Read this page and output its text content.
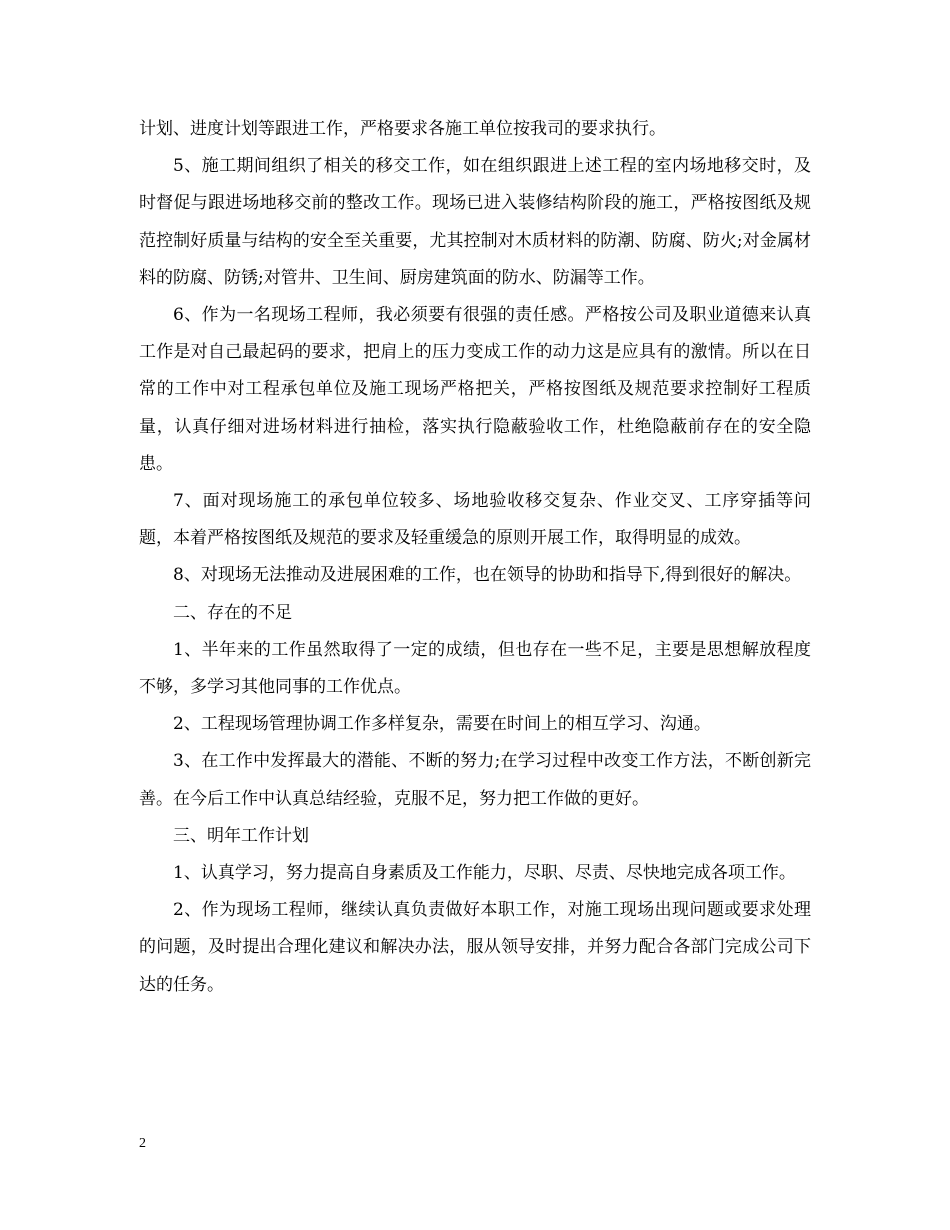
计划、进度计划等跟进工作，严格要求各施工单位按我司的要求执行。

5、施工期间组织了相关的移交工作，如在组织跟进上述工程的室内场地移交时，及时督促与跟进场地移交前的整改工作。现场已进入装修结构阶段的施工，严格按图纸及规范控制好质量与结构的安全至关重要，尤其控制对木质材料的防潮、防腐、防火;对金属材料的防腐、防锈;对管井、卫生间、厨房建筑面的防水、防漏等工作。

6、作为一名现场工程师，我必须要有很强的责任感。严格按公司及职业道德来认真工作是对自己最起码的要求，把肩上的压力变成工作的动力这是应具有的激情。所以在日常的工作中对工程承包单位及施工现场严格把关，严格按图纸及规范要求控制好工程质量，认真仔细对进场材料进行抽检，落实执行隐蔽验收工作，杜绝隐蔽前存在的安全隐患。

7、面对现场施工的承包单位较多、场地验收移交复杂、作业交叉、工序穿插等问题，本着严格按图纸及规范的要求及轻重缓急的原则开展工作，取得明显的成效。

8、对现场无法推动及进展困难的工作，也在领导的协助和指导下,得到很好的解决。

二、存在的不足

1、半年来的工作虽然取得了一定的成绩，但也存在一些不足，主要是思想解放程度不够，多学习其他同事的工作优点。

2、工程现场管理协调工作多样复杂，需要在时间上的相互学习、沟通。

3、在工作中发挥最大的潜能、不断的努力;在学习过程中改变工作方法，不断创新完善。在今后工作中认真总结经验，克服不足，努力把工作做的更好。

三、明年工作计划

1、认真学习，努力提高自身素质及工作能力，尽职、尽责、尽快地完成各项工作。

2、作为现场工程师，继续认真负责做好本职工作，对施工现场出现问题或要求处理的问题，及时提出合理化建议和解决办法，服从领导安排，并努力配合各部门完成公司下达的任务。

2
